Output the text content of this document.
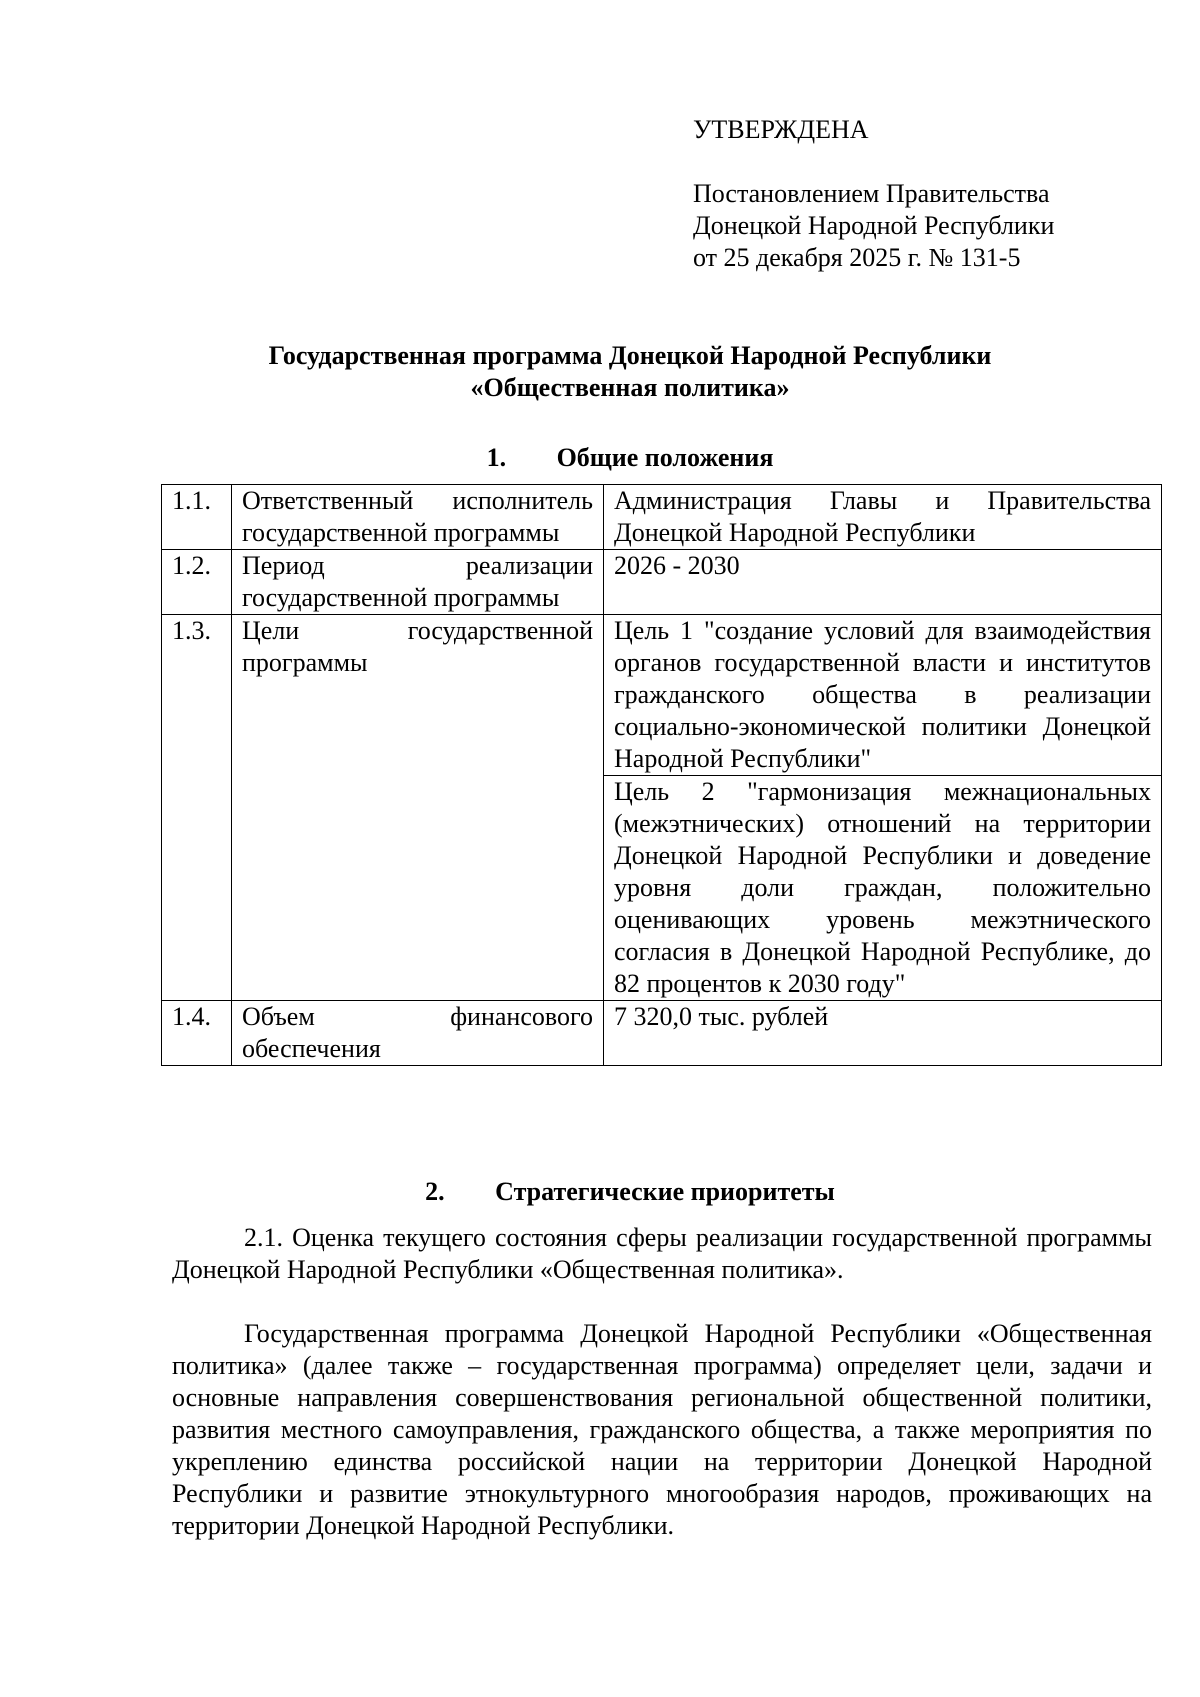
УТВЕРЖДЕНА
Постановлением Правительства
Донецкой Народной Республики
от 25 декабря 2025 г. № 131-5
Государственная программа Донецкой Народной Республики
«Общественная политика»
1. Общие положения
1.1.	Ответственный исполнитель государственной программы	Администрация Главы и Правительства Донецкой Народной Республики
1.2.	Период реализации государственной программы	2026 - 2030
1.3.	Цели государственной программы	Цель 1 "создание условий для взаимодействия органов государственной власти и институтов гражданского общества в реализации социально-экономической политики Донецкой Народной Республики"
		Цель 2 "гармонизация межнациональных (межэтнических) отношений на территории Донецкой Народной Республики и доведение уровня доли граждан, положительно оценивающих уровень межэтнического согласия в Донецкой Народной Республике, до 82 процентов к 2030 году"
1.4.	Объем финансового обеспечения	7 320,0 тыс. рублей
2. Стратегические приоритеты
2.1. Оценка текущего состояния сферы реализации государственной программы Донецкой Народной Республики «Общественная политика».
Государственная программа Донецкой Народной Республики «Общественная политика» (далее также – государственная программа) определяет цели, задачи и основные направления совершенствования региональной общественной политики, развития местного самоуправления, гражданского общества, а также мероприятия по укреплению единства российской нации на территории Донецкой Народной Республики и развитие этнокультурного многообразия народов, проживающих на территории Донецкой Народной Республики.
